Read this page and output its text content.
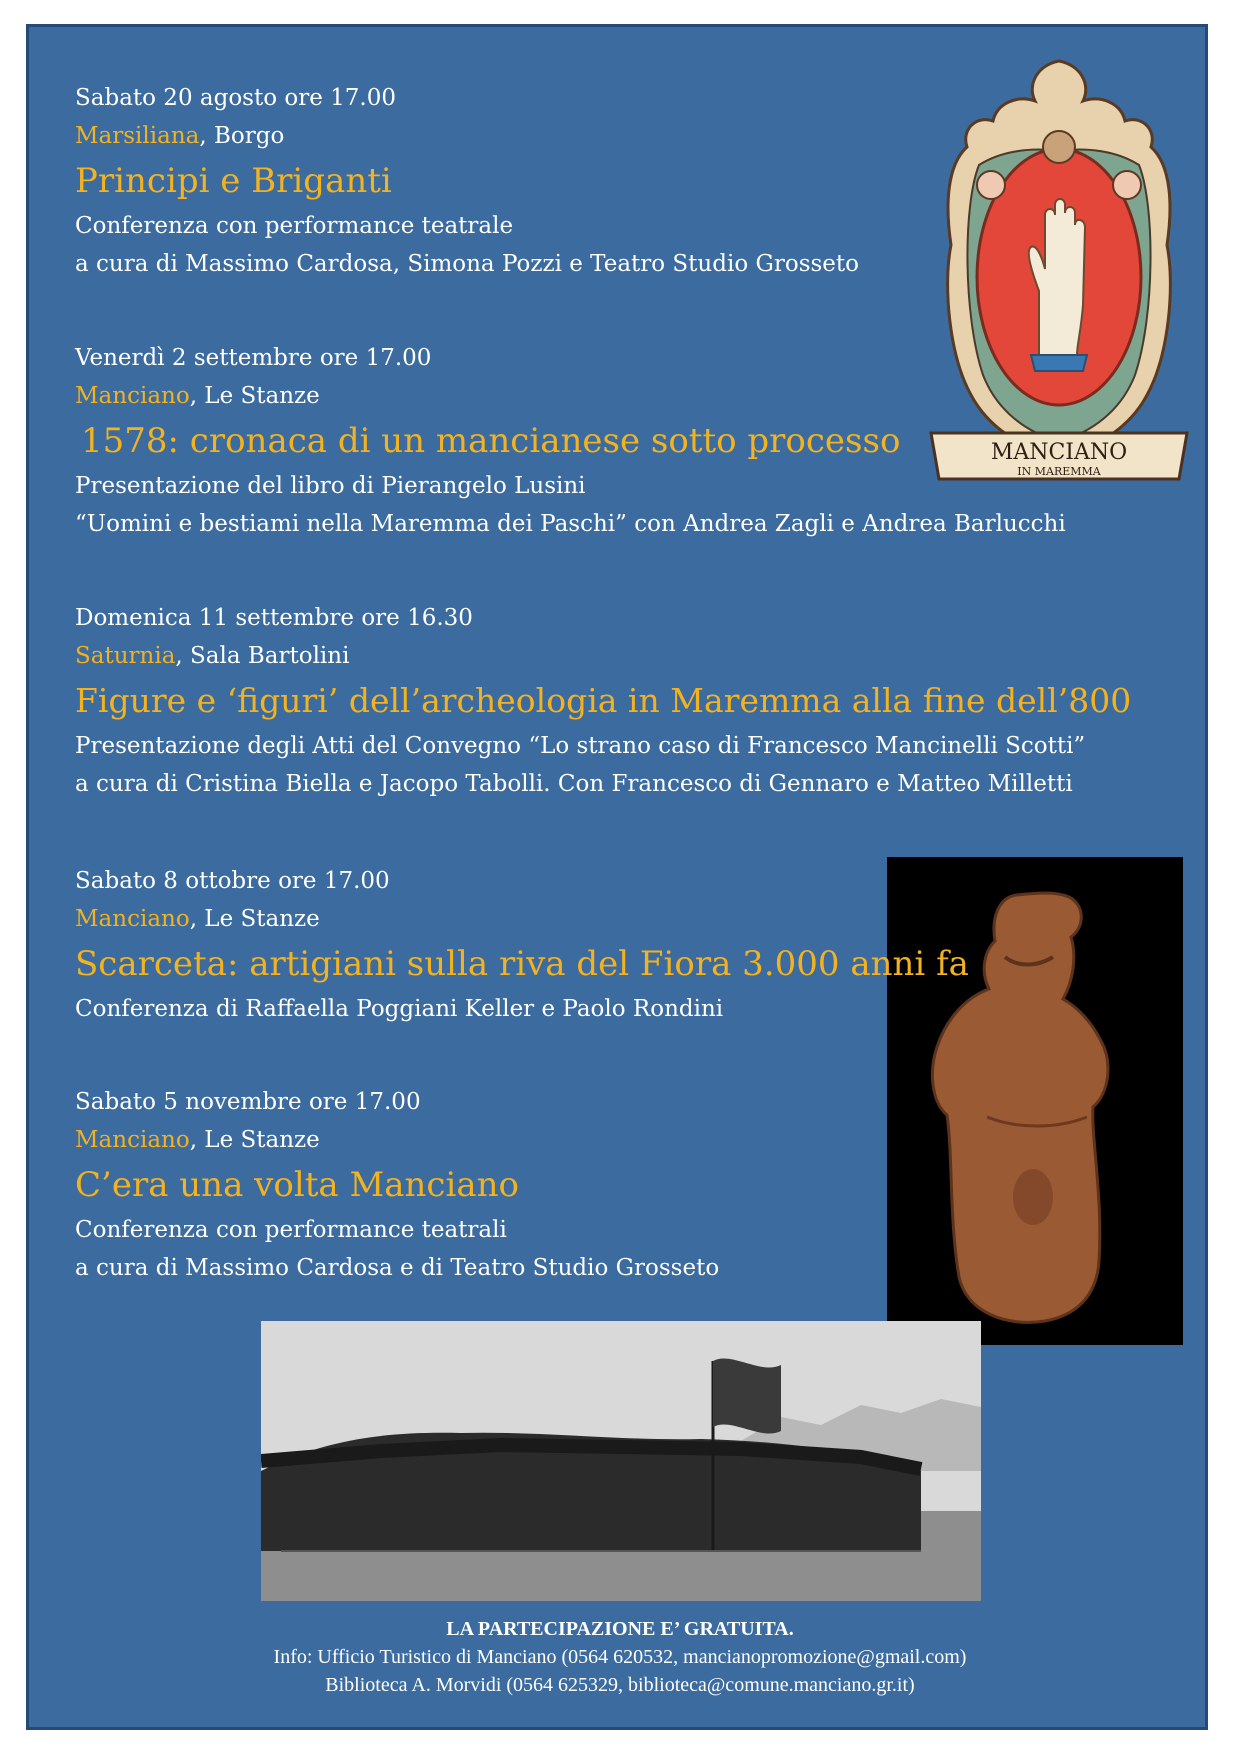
MANCIANO
IN MAREMMA
Sabato 20 agosto ore 17.00
Marsiliana, Borgo
Principi e Briganti
Conferenza con performance teatrale
a cura di Massimo Cardosa, Simona Pozzi e Teatro Studio Grosseto
Venerdì 2 settembre ore 17.00
Manciano, Le Stanze
1578: cronaca di un mancianese sotto processo
Presentazione del libro di Pierangelo Lusini
“Uomini e bestiami nella Maremma dei Paschi” con Andrea Zagli e Andrea Barlucchi
Domenica 11 settembre ore 16.30
Saturnia, Sala Bartolini
Figure e ‘figuri’ dell’archeologia in Maremma alla fine dell’800
Presentazione degli Atti del Convegno “Lo strano caso di Francesco Mancinelli Scotti”
a cura di Cristina Biella e Jacopo Tabolli. Con Francesco di Gennaro e Matteo Milletti
Sabato 8 ottobre ore 17.00
Manciano, Le Stanze
Scarceta: artigiani sulla riva del Fiora 3.000 anni fa
Conferenza di Raffaella Poggiani Keller e Paolo Rondini
Sabato 5 novembre ore 17.00
Manciano, Le Stanze
C’era una volta Manciano
Conferenza con performance teatrali
a cura di Massimo Cardosa e di Teatro Studio Grosseto
LA PARTECIPAZIONE E’ GRATUITA.
Info: Ufficio Turistico di Manciano (0564 620532, mancianopromozione@gmail.com)
Biblioteca A. Morvidi (0564 625329, biblioteca@comune.manciano.gr.it)
